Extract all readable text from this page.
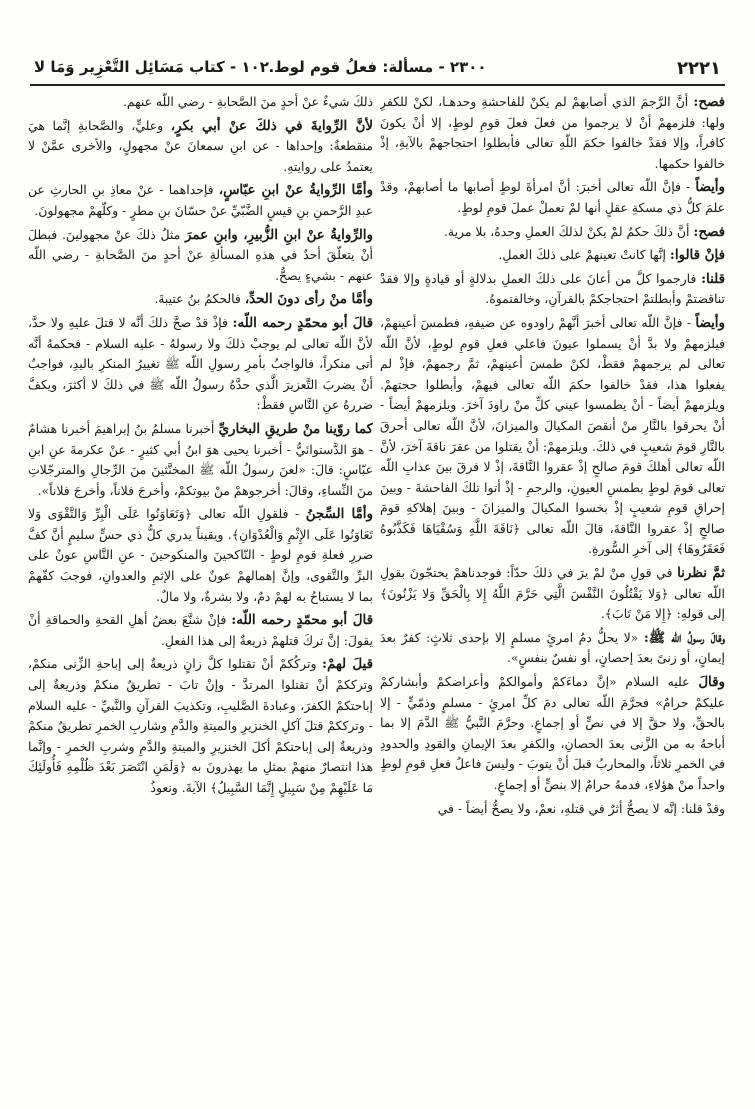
٢٢٢١
٢٣٠٠ - مسألة: فعلُ قوم لوط.
١٠٢ - كتاب مَسَائِل التَّعْزِير وَمَا لا

فصح: أنَّ الرَّجمَ الذي أصابهمْ لم يكنْ للفاحشةِ وحدهـا، لكنْ للكفرِ ولها: فلزمهمْ أنْ لا يرجموا من فعلَ فعلَ قومِ لوطٍ، إلا أنْ يكونَ كافراً، وإلا فقدْ خالفوا حكمَ اللّهِ تعالى فأبطلوا احتجاجهمْ بالآيةِ، إذْ خالفوا حكمها.

وأيضاً - فإنَّ اللّه تعالى أخبرَ: أنَّ امرأةَ لوطٍ أصابها ما أصابهمْ، وقدْ علمَ كلُّ ذي مسكةِ عقلٍ أنها لمْ تعملْ عملَ قومِ لوطٍ.

فصح: أنَّ ذلكَ حكمٌ لمْ يكنْ لذلكَ العملِ وحدهُ، بلا مرية.

فإنْ قالوا: إنَّها كانتْ تعينهمْ على ذلكَ العملِ.

قلنا: فارجموا كلَّ من أعانَ على ذلكَ العملِ بدلالةٍ أو قيادةٍ وإلا فقدْ تناقضتمْ وأبطلتمْ احتجاجكمْ بالقرآنِ، وخالفتموهُ.

وأيضاً - فإنَّ اللّه تعالى أخبرَ أنَّهمْ راودوه عن ضيفهِ، فطمسَ أعينهمْ، فيلزمهمْ ولا بدَّ أنْ يسملوا عيونَ فاعلي فعلِ قومِ لوطٍ، لأنَّ اللّه تعالى لم يرجمهمْ فقطْ، لكنْ طمسَ أعينهمْ، ثمَّ رجمهمْ، فإذْ لم يفعلوا هذا، فقدْ خالفوا حكمَ اللّه تعالى فيهمْ، وأبطلوا حجتهمْ. ويلزمهمْ أيضاً - أنْ يطمسوا عيني كلِّ منْ راودَ آخرَ. ويلزمهمْ أيضاً - أنْ يحرقوا بالنَّارِ منْ أنقصَ المكيالَ والميزانَ، لأنَّ اللّه تعالى أحرقَ بالنَّارِ قومَ شعيبٍ في ذلكَ. ويلزمهمْ: أنْ يقتلوا من عقرَ ناقةَ آخرَ، لأنَّ اللّه تعالى أهلكَ قومَ صالحٍ إذْ عقروا النَّاقةَ، إذْ لا فرقَ بينَ عذابِ اللّه تعالى قومَ لوطٍ بطمسِ العيونِ، والرجمِ - إذْ أتوا تلكَ الفاحشةَ - وبينَ إحراقِ قومِ شعيبٍ إذْ بخسوا المكيالَ والميزانَ - وبينَ إهلاكهِ قومَ صالحٍ إذْ عقروا النَّاقةَ، قالَ اللّه تعالى ﴿نَاقَةَ اللَّهِ وَسُقْيَاهَا فَكَذَّبُوهُ فَعَقَرُوهَا﴾ إلى آخرِ السُّورةِ.

ثمَّ نظرنا في قولِ منْ لمْ يرَ في ذلكَ حدّاً: فوجدناهمْ يحتجّونَ بقولِ اللّه تعالى ﴿وَلا يَقْتُلُونَ النَّفْسَ الَّتِي حَرَّمَ اللَّهُ إِلا بِالْحَقِّ وَلا يَزْنُونَ﴾ إلى قولهِ: ﴿إِلا مَنْ تَابَ﴾.

وقالَ رسولُ اللّه ﷺ: «لا يحلُّ دمُ امرئٍ مسلمٍ إلا بإحدى ثلاثٍ: كفرٌ بعدَ إيمانٍ، أو زنىً بعدَ إحصانٍ، أو نفسٌ بنفسٍ».

وقالَ عليه السلام «إنَّ دماءَكمْ وأموالكمْ وأعراضكمْ وأبشاركمْ عليكمْ حرامٌ» فحرَّمَ اللّه تعالى دمَ كلِّ امرئٍ - مسلمٍ وذمّيٍّ - إلا بالحقِّ، ولا حقَّ إلا في نصٍّ أو إجماعٍ. وحرَّمَ النَّبيُّ ﷺ الدَّمَ إلا بما أباحهُ به من الزَّنى بعدَ الحصانِ، والكفرِ بعدَ الإيمانِ والقودِ والحدودِ في الخمرِ ثلاثاً، والمحاربُ قبلَ أنْ يتوبَ - وليسَ فاعلُ فعلِ قومِ لوطٍ واحداً منْ هؤلاءِ، فدمهُ حرامٌ إلا بنصٍّ أو إجماعٍ.

وقدْ قلنا: إنَّه لا يصحُّ أثرٌ في قتلهِ، نعمْ، ولا يصحُّ أيضاً - في

ذلكَ شيءٌ عنْ أحدٍ منَ الصَّحابةِ - رضي اللّه عنهم.

لأنَّ الرِّوايةَ في ذلكَ عنْ أبي بكرٍ، وعليٍّ، والصَّحابةِ إنَّما هيَ منقطعةٌ: وإحداها - عن ابنِ سمعانَ عنْ مجهولٍ، والأخرى عمَّنْ لا يعتمدُ على روايتهِ.

وأمَّا الرِّوايةُ عنْ ابنِ عبّاسٍ، فإحداهما - عنْ معاذِ بنِ الحارثِ عن عبدِ الرَّحمنِ بنِ قيسٍ الضَّبّيِّ عنْ حسّانَ بنِ مطرٍ - وكلّهمْ مجهولونَ.

والرِّوايةُ عنْ ابنِ الزُّبيرِ، وابنِ عمرَ مثلُ ذلكَ عنْ مجهولينَ. فبطلَ أنْ يتعلّقَ أحدٌ في هذهِ المسألةِ عنْ أحدٍ منَ الصَّحابةِ - رضي اللّه عنهم - بشيءٍ يصحُّ.

وأمَّا منْ رأى دونَ الحدِّ، فالحكمُ بنُ عتيبةَ.

قالَ أبو محمّدٍ رحمه اللّه: فإذْ قدْ صحَّ ذلكَ أنَّه لا قتلَ عليهِ ولا حدَّ، لأنَّ اللّه تعالى لم يوجبْ ذلكَ ولا رسولهُ - عليه السلام - فحكمهُ أنَّه أتى منكراً، فالواجبُ بأمرِ رسولِ اللّه ﷺ تغييرُ المنكرِ باليدِ، فواجبٌ أنْ يضربَ التَّعزيرَ الَّذي حدَّهُ رسولُ اللّه ﷺ في ذلكَ لا أكثرَ، ويكفَّ ضررهُ عنِ النَّاسِ فقطْ:

كما روّينا منْ طريقِ البخاريِّ أخبرنا مسلمُ بنُ إبراهيمَ أخبرنا هشامٌ - هوَ الدَّستوائيُّ - أخبرنا يحيى هوَ ابنُ أبي كثيرٍ - عنْ عكرمةَ عنِ ابنِ عبّاسٍ: قالَ: «لعنَ رسولُ اللّه ﷺ المخنَّثينَ منَ الرِّجالِ والمترجّلاتِ منَ النِّساءِ، وقالَ: أخرجوهمْ منْ بيوتكمْ، وأخرجَ فلاناً، وأخرجَ فلاناً».

وأمَّا السِّجنُ - فلقولِ اللّه تعالى ﴿وَتَعَاوَنُوا عَلَى الْبِرِّ وَالتَّقْوَى وَلا تَعَاوَنُوا عَلَى الإِثْمِ وَالْعُدْوَانِ﴾. ويقيناً يدري كلُّ ذي حسٍّ سليمٍ أنَّ كفَّ ضررِ فعلةِ قومِ لوطٍ - النّاكحينَ والمنكوحينَ - عنِ النَّاسِ عونٌ على البرِّ والتَّقوى، وإنَّ إهمالهمْ عونٌ على الإثمِ والعدوانِ، فوجبَ كفّهمْ بما لا يستباحُ به لهمْ دمٌ، ولا بشرةٌ، ولا مالٌ.

قالَ أبو محمّدٍ رحمه اللّه: فإنْ شنَّعَ بعضُ أهلِ القحةِ والحماقةِ أنْ يقولَ: إنَّ تركَ قتلهمْ ذريعةٌ إلى هذا الفعلِ.

قيلَ لهمْ: وتركُكمْ أنْ تقتلوا كلَّ زانٍ ذريعةٌ إلى إباحةِ الزِّنى منكمْ، وترككمْ أنْ تقتلوا المرتدَّ - وإنْ تابَ - تطريقٌ منكمْ وذريعةٌ إلى إباحتكمْ الكفرَ، وعبادةَ الصَّليبِ، وتكذيبَ القرآنِ والنَّبيِّ - عليه السلام - وترككمْ قتلَ آكلِ الخنزيرِ والميتةِ والدَّمِ وشاربِ الخمرِ تطريقٌ منكمْ وذريعةٌ إلى إباحتكمْ أكلَ الخنزيرِ والميتةِ والدَّمِ وشربِ الخمرِ - وإنَّما هذا انتصارٌ منهمْ بمثلِ ما يهذرونَ به ﴿وَلَمَنِ انْتَصَرَ بَعْدَ ظُلْمِهِ فَأُولَئِكَ مَا عَلَيْهِمْ مِنْ سَبِيلٍ إِنَّمَا السَّبِيلُ﴾ الآيةَ. ونعوذُ
